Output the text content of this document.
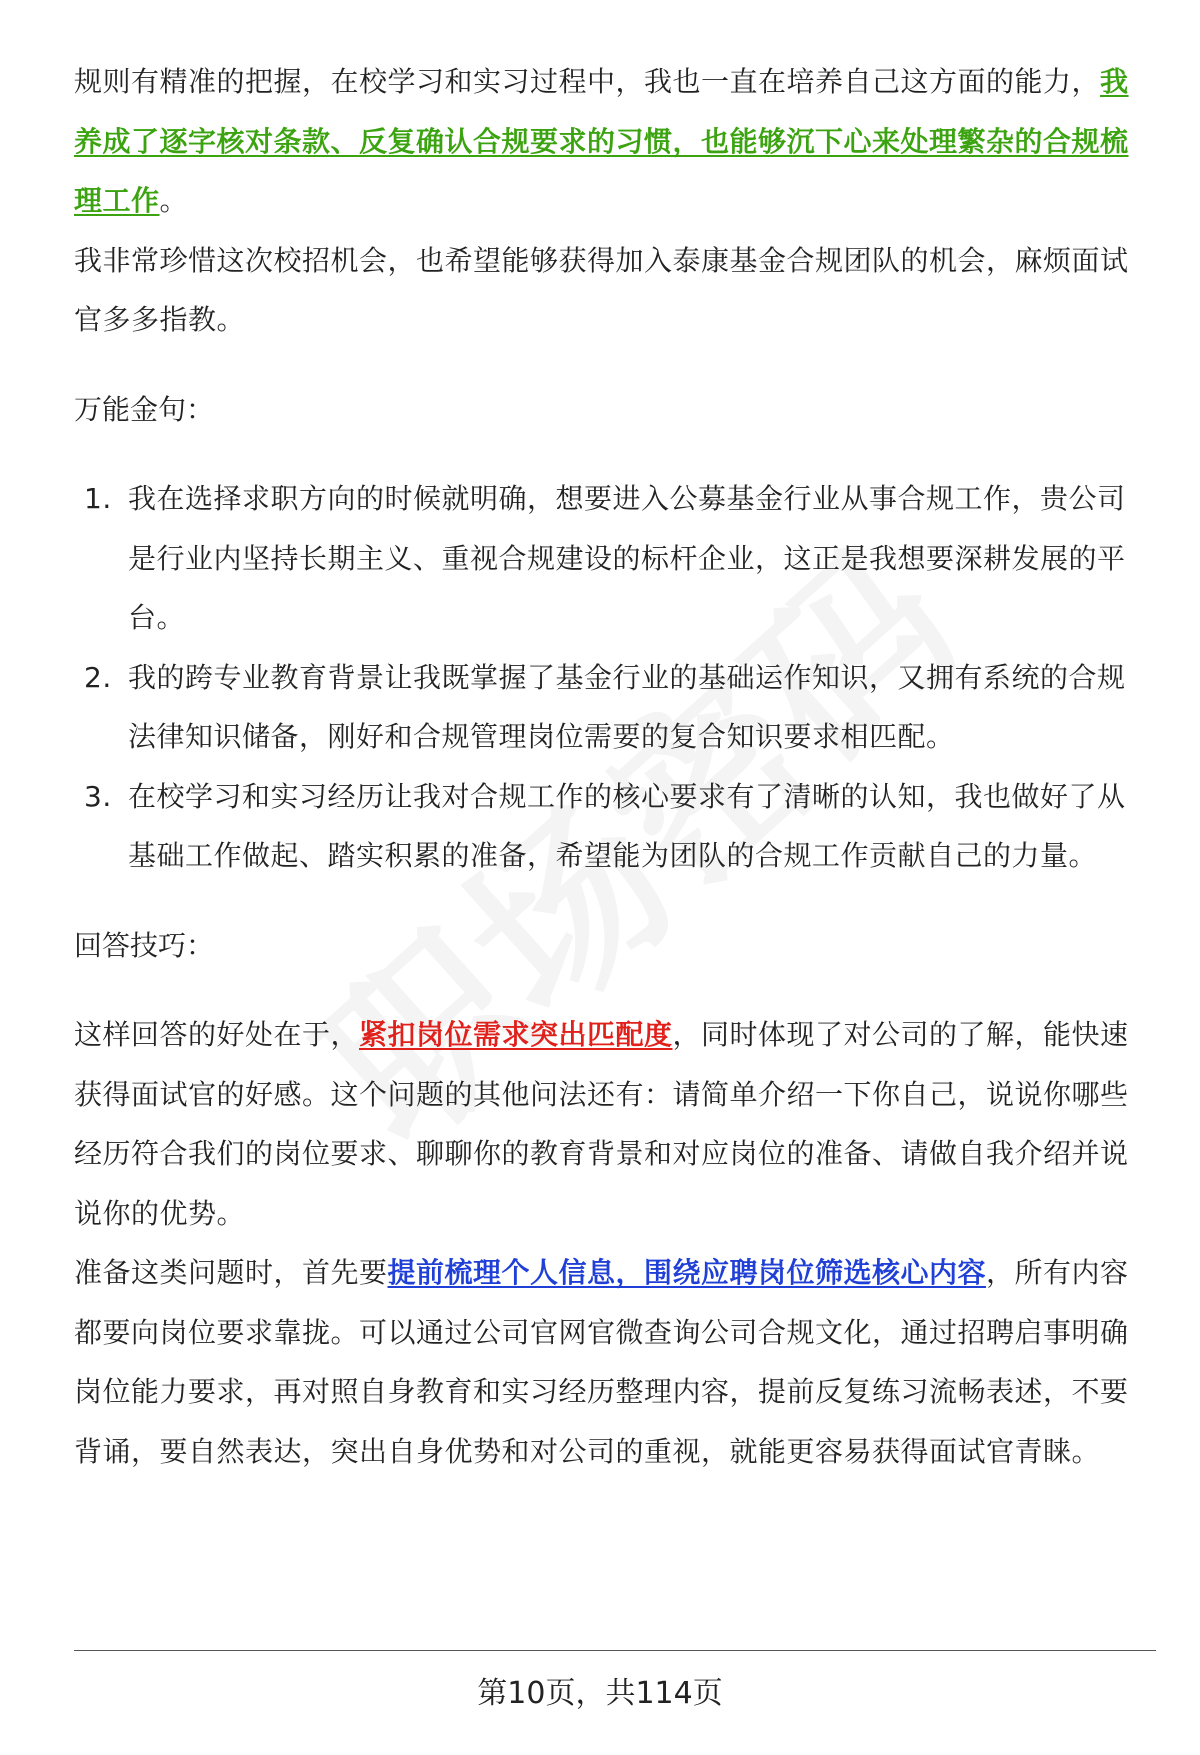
规则有精准的把握，在校学习和实习过程中，我也一直在培养自己这方面的能力，我养成了逐字核对条款、反复确认合规要求的习惯，也能够沉下心来处理繁杂的合规梳理工作。

我非常珍惜这次校招机会，也希望能够获得加入泰康基金合规团队的机会，麻烦面试官多多指教。

万能金句：

1. 我在选择求职方向的时候就明确，想要进入公募基金行业从事合规工作，贵公司是行业内坚持长期主义、重视合规建设的标杆企业，这正是我想要深耕发展的平台。
2. 我的跨专业教育背景让我既掌握了基金行业的基础运作知识，又拥有系统的合规法律知识储备，刚好和合规管理岗位需要的复合知识要求相匹配。
3. 在校学习和实习经历让我对合规工作的核心要求有了清晰的认知，我也做好了从基础工作做起、踏实积累的准备，希望能为团队的合规工作贡献自己的力量。

回答技巧：

这样回答的好处在于，紧扣岗位需求突出匹配度，同时体现了对公司的了解，能快速获得面试官的好感。这个问题的其他问法还有：请简单介绍一下你自己，说说你哪些经历符合我们的岗位要求、聊聊你的教育背景和对应岗位的准备、请做自我介绍并说说你的优势。

准备这类问题时，首先要提前梳理个人信息，围绕应聘岗位筛选核心内容，所有内容都要向岗位要求靠拢。可以通过公司官网官微查询公司合规文化，通过招聘启事明确岗位能力要求，再对照自身教育和实习经历整理内容，提前反复练习流畅表述，不要背诵，要自然表达，突出自身优势和对公司的重视，就能更容易获得面试官青睐。

第10页，共114页
